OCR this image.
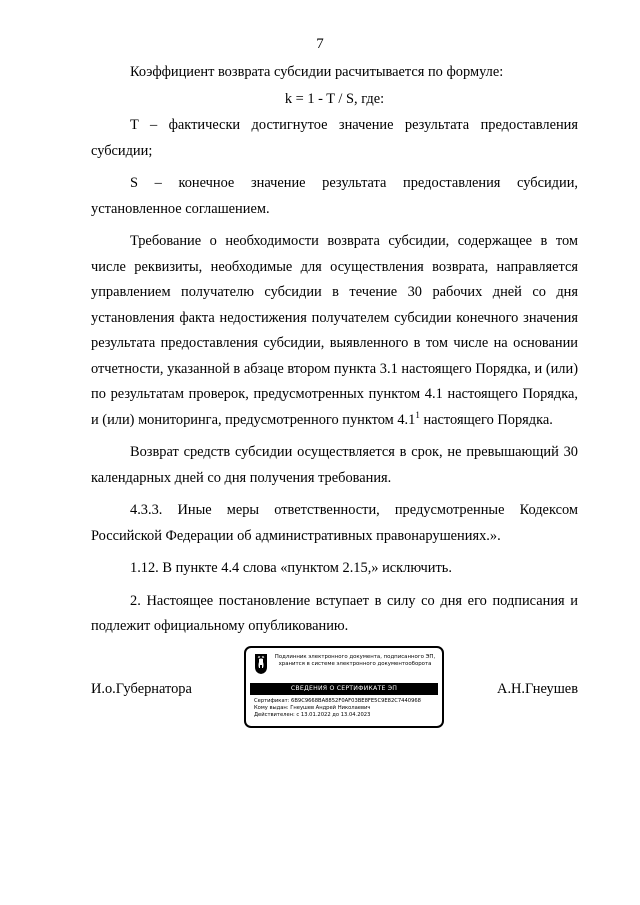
7

Коэффициент возврата субсидии расчитывается по формуле:

k = 1 - T / S, где:

T – фактически достигнутое значение результата предоставления субсидии;

S – конечное значение результата предоставления субсидии, установленное соглашением.

Требование о необходимости возврата субсидии, содержащее в том числе реквизиты, необходимые для осуществления возврата, направляется управлением получателю субсидии в течение 30 рабочих дней со дня установления факта недостижения получателем субсидии конечного значения результата предоставления субсидии, выявленного в том числе на основании отчетности, указанной в абзаце втором пункта 3.1 настоящего Порядка, и (или) по результатам проверок, предусмотренных пунктом 4.1 настоящего Порядка, и (или) мониторинга, предусмотренного пунктом $4.1^1$ настоящего Порядка.

Возврат средств субсидии осуществляется в срок, не превышающий 30 календарных дней со дня получения требования.

4.3.3. Иные меры ответственности, предусмотренные Кодексом Российской Федерации об административных правонарушениях.».

1.12. В пункте 4.4 слова «пунктом 2.15,» исключить.

2. Настоящее постановление вступает в силу со дня его подписания и подлежит официальному опубликованию.

И.о.Губернатора	А.Н.Гнеушев
Подлинник электронного документа, подписанного ЭП,
хранится в системе электронного документооборота
СВЕДЕНИЯ О СЕРТИФИКАТЕ ЭП
Сертификат: 6B9C9668BA8852F0AF03BE8FE5C9E82C7440968
Кому выдан: Гнеушев Андрей Николаевич
Действителен: с 13.01.2022 до 13.04.2023
